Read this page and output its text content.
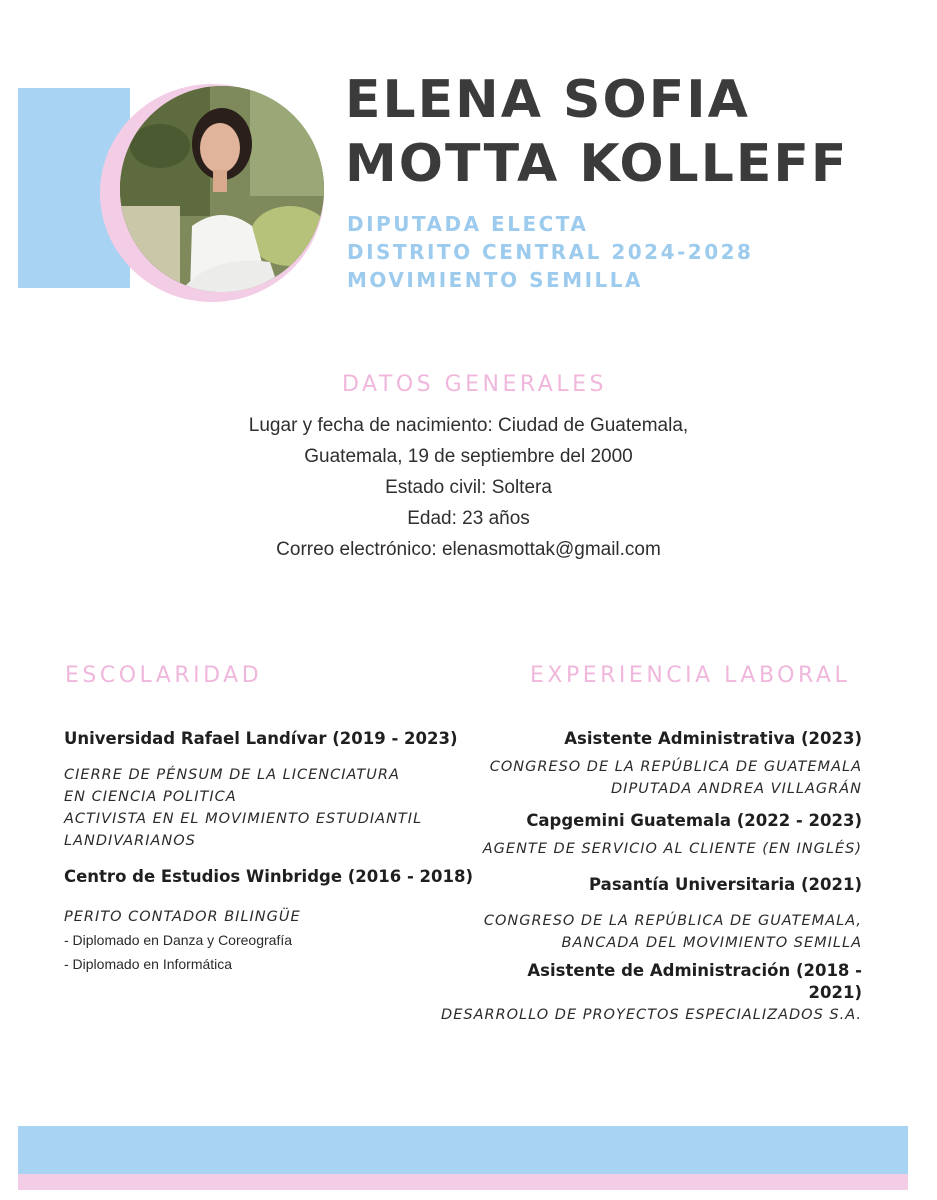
ELENA SOFIA
MOTTA KOLLEFF
DIPUTADA ELECTA
DISTRITO CENTRAL 2024-2028
MOVIMIENTO SEMILLA
DATOS GENERALES
Lugar y fecha de nacimiento: Ciudad de Guatemala,
Guatemala, 19 de septiembre del 2000
Estado civil: Soltera
Edad: 23 años
Correo electrónico: elenasmottak@gmail.com
ESCOLARIDAD	EXPERIENCIA LABORAL
Universidad Rafael Landívar (2019 - 2023)
CIERRE DE PÉNSUM DE LA LICENCIATURA
EN CIENCIA POLITICA
ACTIVISTA EN EL MOVIMIENTO ESTUDIANTIL
LANDIVARIANOS
Centro de Estudios Winbridge (2016 - 2018)
PERITO CONTADOR BILINGÜE
- Diplomado en Danza y Coreografía
- Diplomado en Informática
Asistente Administrativa (2023)
CONGRESO DE LA REPÚBLICA DE GUATEMALA
DIPUTADA ANDREA VILLAGRÁN
Capgemini Guatemala (2022 - 2023)
AGENTE DE SERVICIO AL CLIENTE (EN INGLÉS)
Pasantía Universitaria (2021)
CONGRESO DE LA REPÚBLICA DE GUATEMALA,
BANCADA DEL MOVIMIENTO SEMILLA
Asistente de Administración (2018 -
2021)
DESARROLLO DE PROYECTOS ESPECIALIZADOS S.A.
